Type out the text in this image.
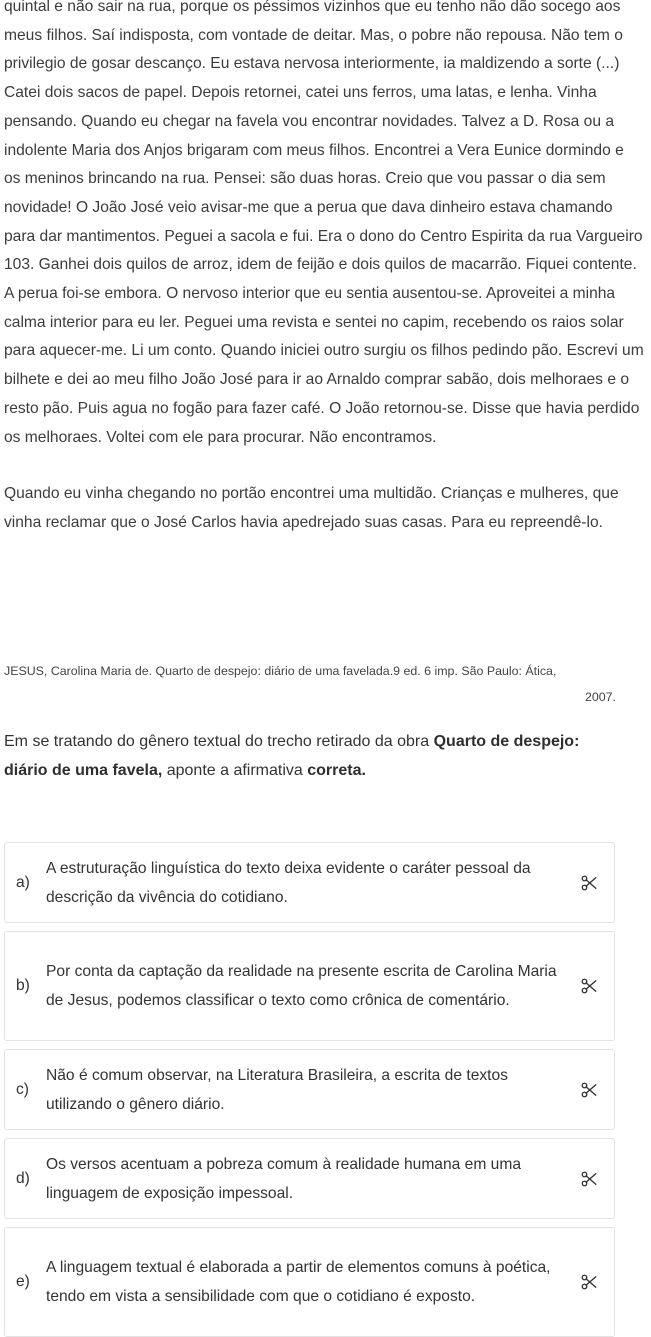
quintal e não sair na rua, porque os péssimos vizinhos que eu tenho não dão socego aos meus filhos. Saí indisposta, com vontade de deitar. Mas, o pobre não repousa. Não tem o privilegio de gosar descanço. Eu estava nervosa interiormente, ia maldizendo a sorte (...) Catei dois sacos de papel. Depois retornei, catei uns ferros, uma latas, e lenha. Vinha pensando. Quando eu chegar na favela vou encontrar novidades. Talvez a D. Rosa ou a indolente Maria dos Anjos brigaram com meus filhos. Encontrei a Vera Eunice dormindo e os meninos brincando na rua. Pensei: são duas horas. Creio que vou passar o dia sem novidade! O João José veio avisar-me que a perua que dava dinheiro estava chamando para dar mantimentos. Peguei a sacola e fui. Era o dono do Centro Espirita da rua Vargueiro 103. Ganhei dois quilos de arroz, idem de feijão e dois quilos de macarrão. Fiquei contente. A perua foi-se embora. O nervoso interior que eu sentia ausentou-se. Aproveitei a minha calma interior para eu ler. Peguei uma revista e sentei no capim, recebendo os raios solar para aquecer-me. Li um conto. Quando iniciei outro surgiu os filhos pedindo pão. Escrevi um bilhete e dei ao meu filho João José para ir ao Arnaldo comprar sabão, dois melhoraes e o resto pão. Puis agua no fogão para fazer café. O João retornou-se. Disse que havia perdido os melhoraes. Voltei com ele para procurar. Não encontramos.

Quando eu vinha chegando no portão encontrei uma multidão. Crianças e mulheres, que vinha reclamar que o José Carlos havia apedrejado suas casas. Para eu repreendê-lo.

JESUS, Carolina Maria de. Quarto de despejo: diário de uma favelada.9 ed. 6 imp. São Paulo: Ática,
2007.
Em se tratando do gênero textual do trecho retirado da obra Quarto de despejo: diário de uma favela, aponte a afirmativa correta.
a)
A estruturação linguística do texto deixa evidente o caráter pessoal da descrição da vivência do cotidiano.
b)
Por conta da captação da realidade na presente escrita de Carolina Maria de Jesus, podemos classificar o texto como crônica de comentário.
c)
Não é comum observar, na Literatura Brasileira, a escrita de textos utilizando o gênero diário.
d)
Os versos acentuam a pobreza comum à realidade humana em uma linguagem de exposição impessoal.
e)
A linguagem textual é elaborada a partir de elementos comuns à poética, tendo em vista a sensibilidade com que o cotidiano é exposto.
